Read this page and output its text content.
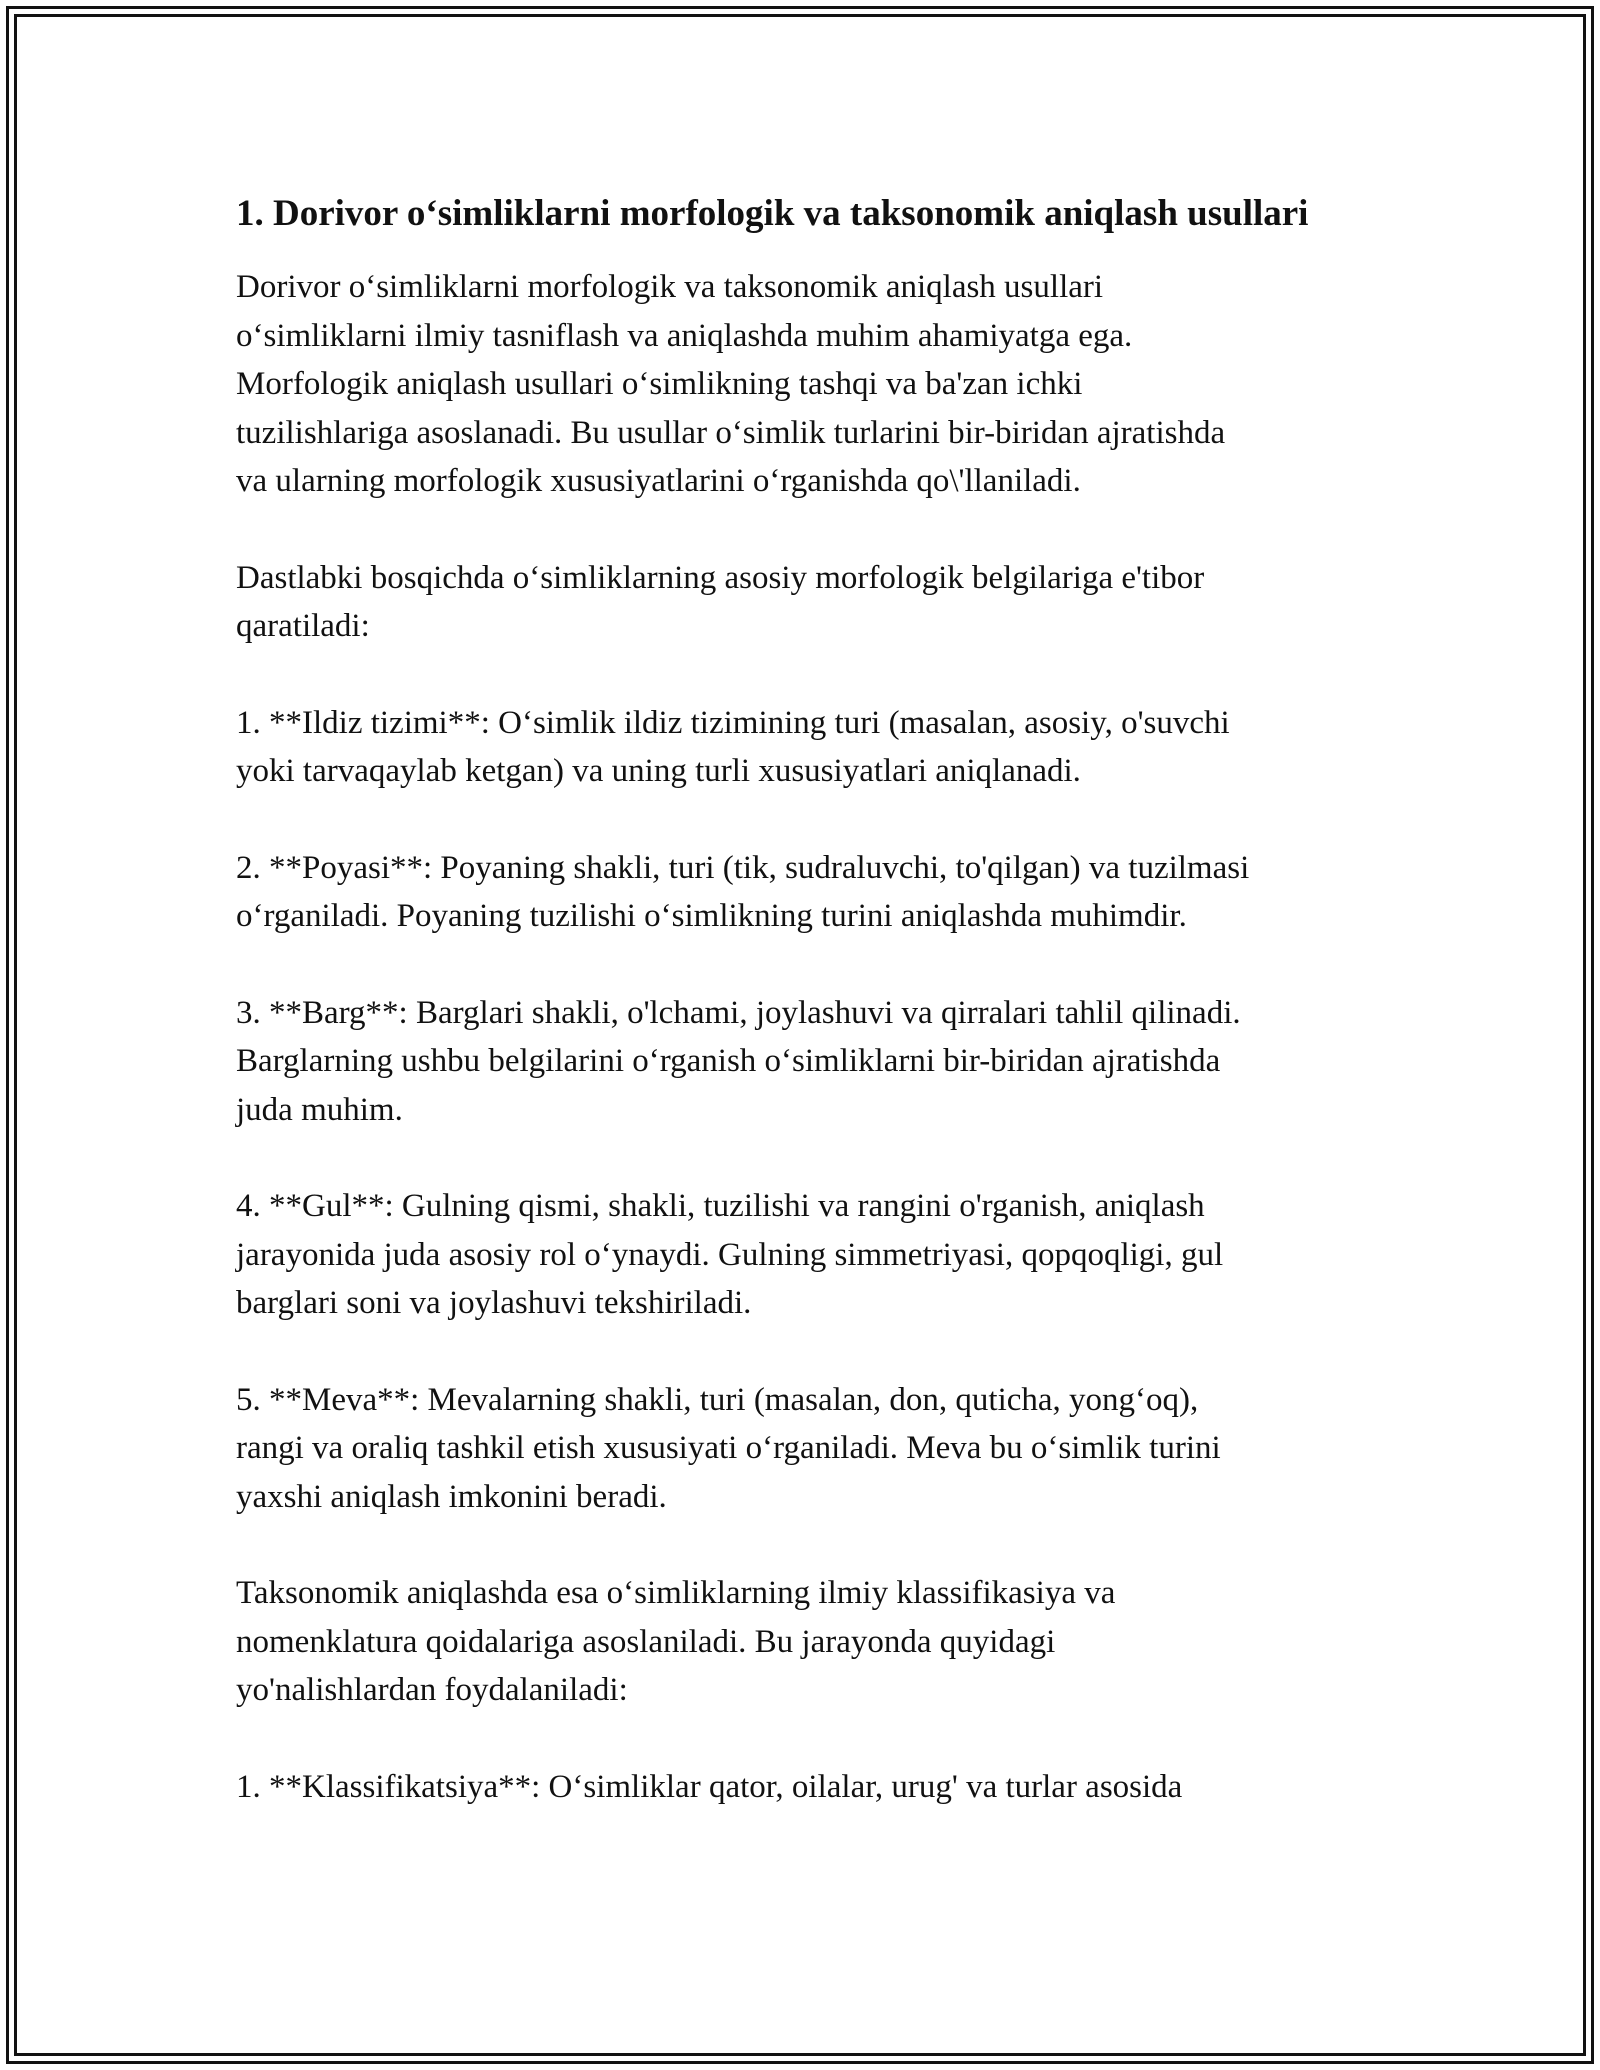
1. Dorivor o‘simliklarni morfologik va taksonomik aniqlash usullari

Dorivor o‘simliklarni morfologik va taksonomik aniqlash usullari
o‘simliklarni ilmiy tasniflash va aniqlashda muhim ahamiyatga ega.
Morfologik aniqlash usullari o‘simlikning tashqi va ba'zan ichki
tuzilishlariga asoslanadi. Bu usullar o‘simlik turlarini bir-biridan ajratishda
va ularning morfologik xususiyatlarini o‘rganishda qo\'llaniladi.

Dastlabki bosqichda o‘simliklarning asosiy morfologik belgilariga e'tibor
qaratiladi:

1. **Ildiz tizimi**: O‘simlik ildiz tizimining turi (masalan, asosiy, o'suvchi
yoki tarvaqaylab ketgan) va uning turli xususiyatlari aniqlanadi.

2. **Poyasi**: Poyaning shakli, turi (tik, sudraluvchi, to'qilgan) va tuzilmasi
o‘rganiladi. Poyaning tuzilishi o‘simlikning turini aniqlashda muhimdir.

3. **Barg**: Barglari shakli, o'lchami, joylashuvi va qirralari tahlil qilinadi.
Barglarning ushbu belgilarini o‘rganish o‘simliklarni bir-biridan ajratishda
juda muhim.

4. **Gul**: Gulning qismi, shakli, tuzilishi va rangini o'rganish, aniqlash
jarayonida juda asosiy rol o‘ynaydi. Gulning simmetriyasi, qopqoqligi, gul
barglari soni va joylashuvi tekshiriladi.

5. **Meva**: Mevalarning shakli, turi (masalan, don, quticha, yong‘oq),
rangi va oraliq tashkil etish xususiyati o‘rganiladi. Meva bu o‘simlik turini
yaxshi aniqlash imkonini beradi.

Taksonomik aniqlashda esa o‘simliklarning ilmiy klassifikasiya va
nomenklatura qoidalariga asoslaniladi. Bu jarayonda quyidagi
yo'nalishlardan foydalaniladi:

1. **Klassifikatsiya**: O‘simliklar qator, oilalar, urug' va turlar asosida
